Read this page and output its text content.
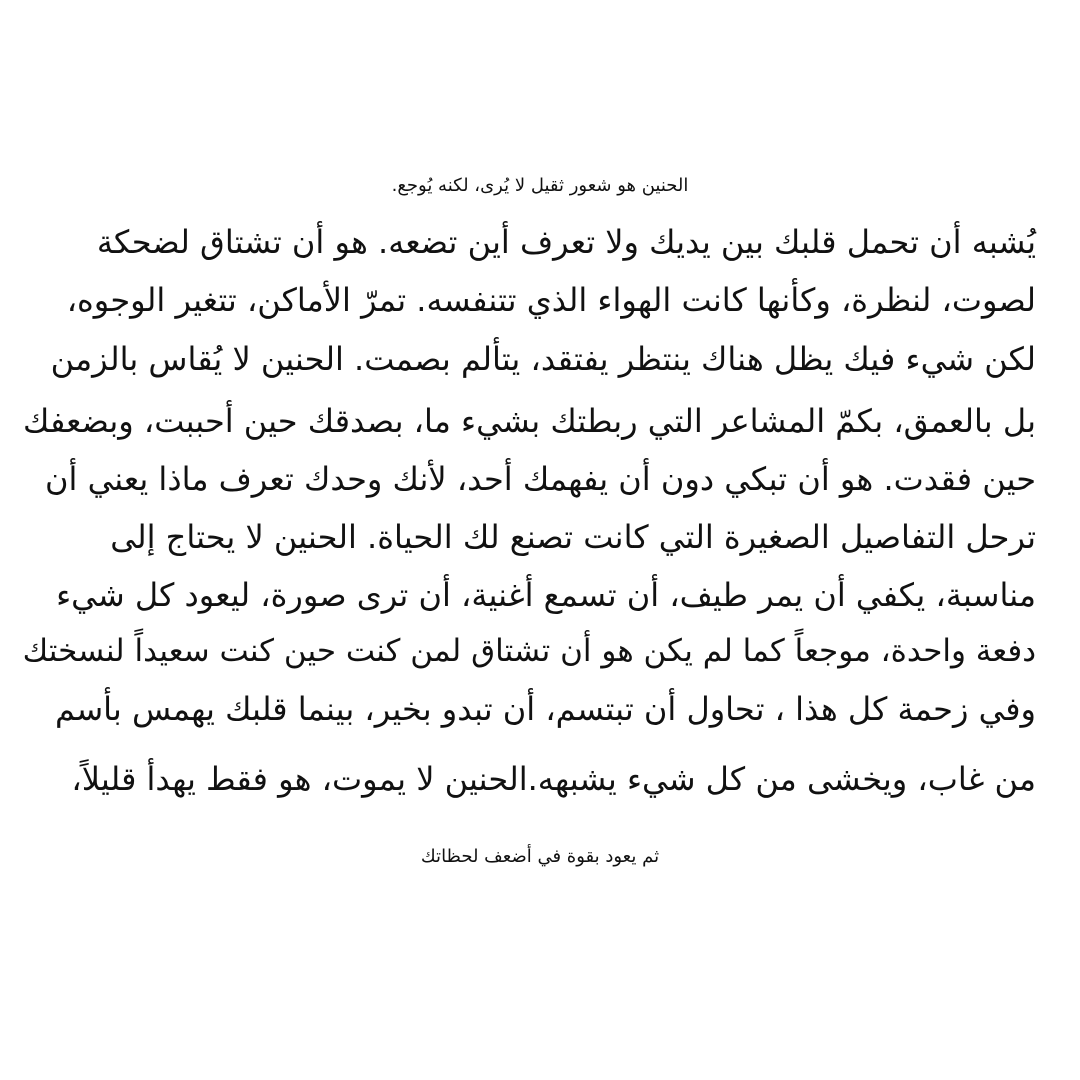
الحنين هو شعور ثقيل لا يُرى، لكنه يُوجع.
يُشبه أن تحمل قلبك بين يديك ولا تعرف أين تضعه. هو أن تشتاق لضحكة
لصوت، لنظرة، وكأنها كانت الهواء الذي تتنفسه. تمرّ الأماكن، تتغير الوجوه،
لكن شيء فيك يظل هناك ينتظر يفتقد، يتألم بصمت. الحنين لا يُقاس بالزمن
بل بالعمق، بكمّ المشاعر التي ربطتك بشيء ما، بصدقك حين أحببت، وبضعفك
حين فقدت. هو أن تبكي دون أن يفهمك أحد، لأنك وحدك تعرف ماذا يعني أن
ترحل التفاصيل الصغيرة التي كانت تصنع لك الحياة. الحنين لا يحتاج إلى
مناسبة، يكفي أن يمر طيف، أن تسمع أغنية، أن ترى صورة، ليعود كل شيء
دفعة واحدة، موجعاً كما لم يكن هو أن تشتاق لمن كنت حين كنت سعيداً لنسختك
وفي زحمة كل هذا ، تحاول أن تبتسم، أن تبدو بخير، بينما قلبك يهمس بأسم
من غاب، ويخشى من كل شيء يشبهه.الحنين لا يموت، هو فقط يهدأ قليلاً،
ثم يعود بقوة في أضعف لحظاتك
